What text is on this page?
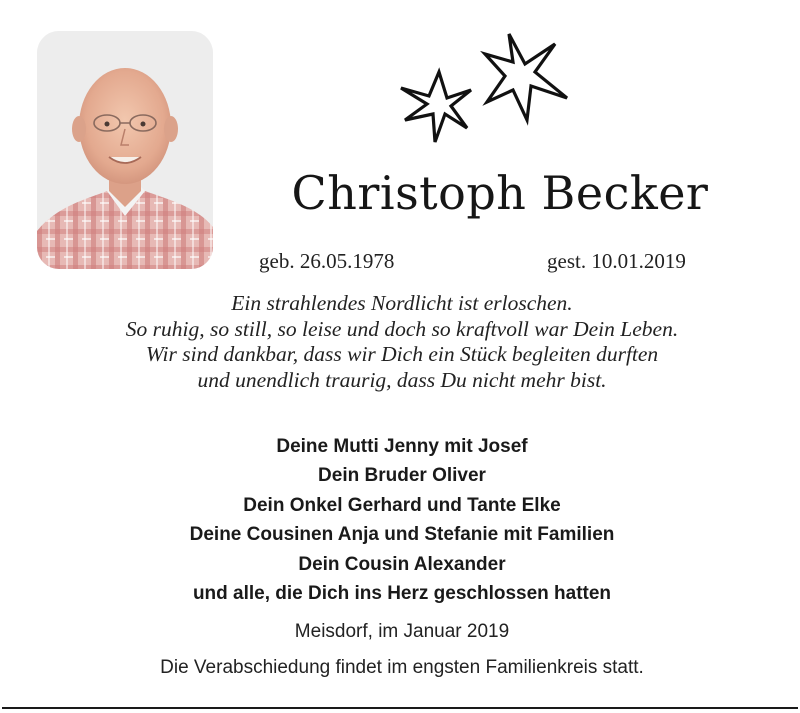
Christoph Becker
geb. 26.05.1978	gest. 10.01.2019
Ein strahlendes Nordlicht ist erloschen.
So ruhig, so still, so leise und doch so kraftvoll war Dein Leben.
Wir sind dankbar, dass wir Dich ein Stück begleiten durften
und unendlich traurig, dass Du nicht mehr bist.
Deine Mutti Jenny mit Josef
Dein Bruder Oliver
Dein Onkel Gerhard und Tante Elke
Deine Cousinen Anja und Stefanie mit Familien
Dein Cousin Alexander
und alle, die Dich ins Herz geschlossen hatten
Meisdorf, im Januar 2019
Die Verabschiedung findet im engsten Familienkreis statt.
